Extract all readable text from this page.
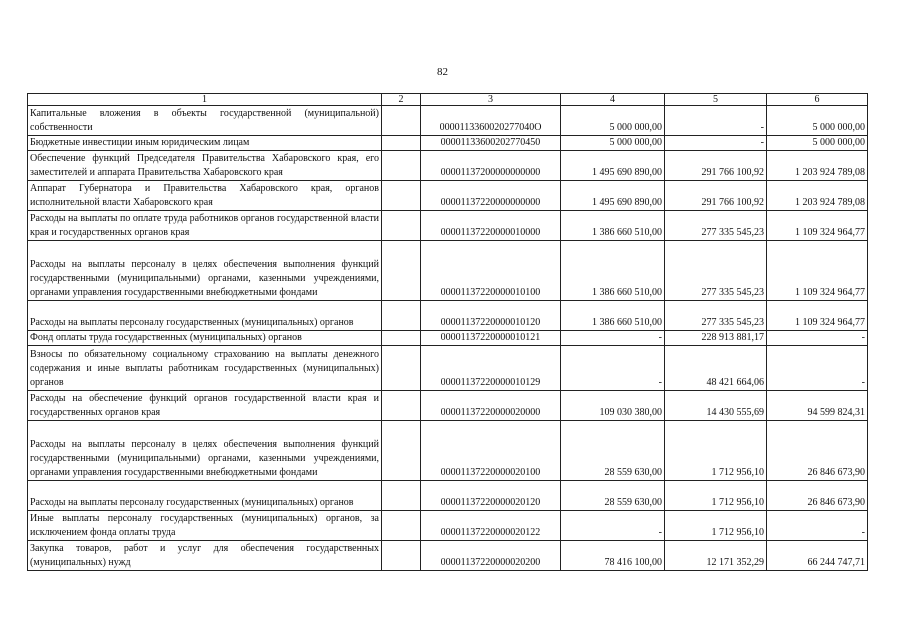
82
1	2	3	4	5	6
Капитальные вложения в объекты государственной (муниципальной) собственности		0000113360020277040О	5 000 000,00	-	5 000 000,00
Бюджетные инвестиции иным юридическим лицам		00001133600202770450	5 000 000,00	-	5 000 000,00
Обеспечение функций Председателя Правительства Хабаровского края, его заместителей и аппарата Правительства Хабаровского края		00001137200000000000	1 495 690 890,00	291 766 100,92	1 203 924 789,08
Аппарат Губернатора и Правительства Хабаровского края, органов исполнительной власти Хабаровского края		00001137220000000000	1 495 690 890,00	291 766 100,92	1 203 924 789,08
Расходы на выплаты по оплате труда работников органов государственной власти края и государственных органов края		00001137220000010000	1 386 660 510,00	277 335 545,23	1 109 324 964,77
Расходы на выплаты персоналу в целях обеспечения выполнения функций государственными (муниципальными) органами, казенными учреждениями, органами управления государственными внебюджетными фондами		00001137220000010100	1 386 660 510,00	277 335 545,23	1 109 324 964,77
Расходы на выплаты персоналу государственных (муниципальных) органов		00001137220000010120	1 386 660 510,00	277 335 545,23	1 109 324 964,77
Фонд оплаты труда государственных (муниципальных) органов		00001137220000010121	-	228 913 881,17	-
Взносы по обязательному социальному страхованию на выплаты денежного содержания и иные выплаты работникам государственных (муниципальных) органов		00001137220000010129	-	48 421 664,06	-
Расходы на обеспечение функций органов государственной власти края и государственных органов края		00001137220000020000	109 030 380,00	14 430 555,69	94 599 824,31
Расходы на выплаты персоналу в целях обеспечения выполнения функций государственными (муниципальными) органами, казенными учреждениями, органами управления государственными внебюджетными фондами		00001137220000020100	28 559 630,00	1 712 956,10	26 846 673,90
Расходы на выплаты персоналу государственных (муниципальных) органов		00001137220000020120	28 559 630,00	1 712 956,10	26 846 673,90
Иные выплаты персоналу государственных (муниципальных) органов, за исключением фонда оплаты труда		00001137220000020122	-	1 712 956,10	-
Закупка товаров, работ и услуг для обеспечения государственных (муниципальных) нужд		00001137220000020200	78 416 100,00	12 171 352,29	66 244 747,71
